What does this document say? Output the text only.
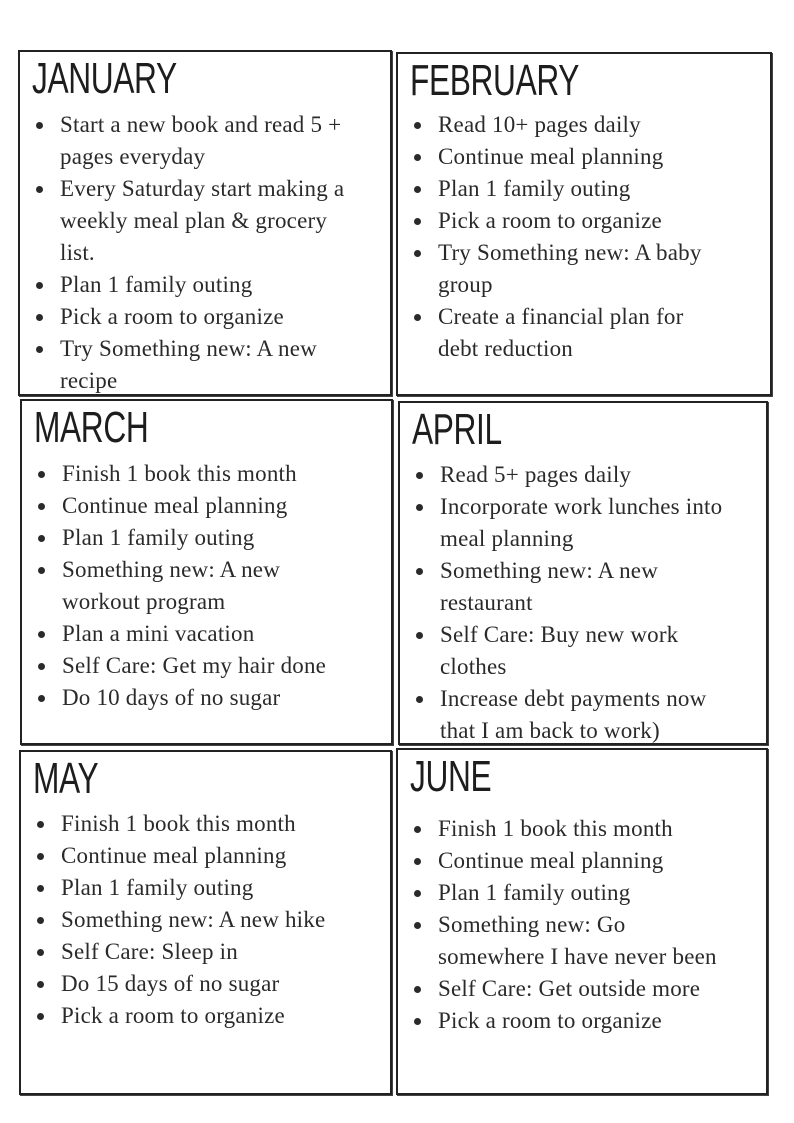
JANUARY
Start a new book and read 5 +
pages everyday
Every Saturday start making a
weekly meal plan & grocery
list.
Plan 1 family outing
Pick a room to organize
Try Something new: A new
recipe
FEBRUARY
Read 10+ pages daily
Continue meal planning
Plan 1 family outing
Pick a room to organize
Try Something new: A baby
group
Create a financial plan for
debt reduction
MARCH
Finish 1 book this month
Continue meal planning
Plan 1 family outing
Something new: A new
workout program
Plan a mini vacation
Self Care: Get my hair done
Do 10 days of no sugar
APRIL
Read 5+ pages daily
Incorporate work lunches into
meal planning
Something new: A new
restaurant
Self Care: Buy new work
clothes
Increase debt payments now
that I am back to work)
MAY
Finish 1 book this month
Continue meal planning
Plan 1 family outing
Something new: A new hike
Self Care: Sleep in
Do 15 days of no sugar
Pick a room to organize
JUNE
Finish 1 book this month
Continue meal planning
Plan 1 family outing
Something new: Go
somewhere I have never been
Self Care: Get outside more
Pick a room to organize
